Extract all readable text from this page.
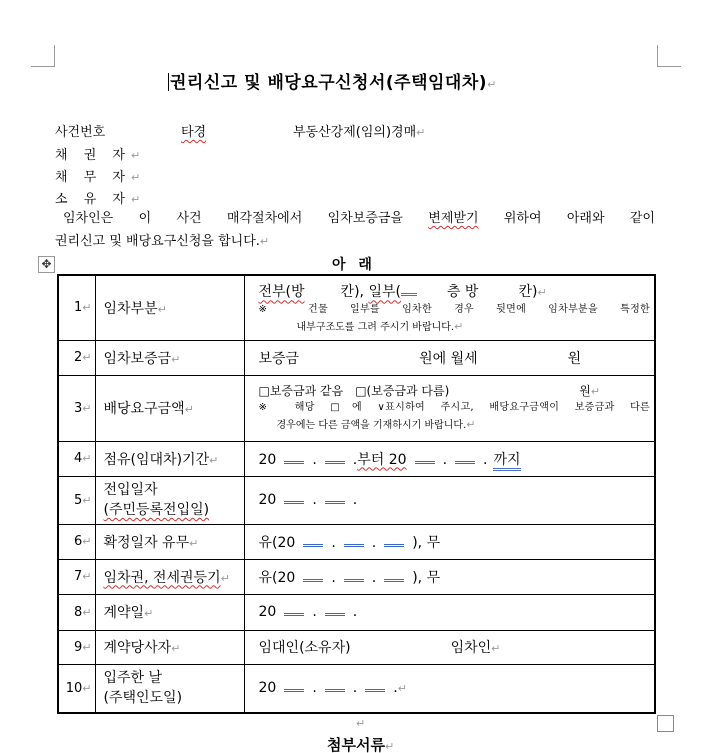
권리신고 및 배당요구신청서(주택임대차)↵
사건번호	타경	부동산강제(임의)경매↵
채 권 자↵
채 무 자↵
소 유 자↵
임차인은 이 사건 매각절차에서 임차보증금을 변제받기 위하여 아래와 같이
권리신고 및 배당요구신청을 합니다.↵
✥	아 래
1↵	임차부분↵	전부(방 칸), 일부( 층 방 칸)↵
※ 건물 일부를 임차한 경우 뒷면에 임차부분을 특정한
내부구조도를 그려 주시기 바랍니다.↵

2↵	임차보증금↵	보증금 원에 월세 원
3↵	배당요구금액↵	□보증금과 같음 □(보증금과 다름) 원↵
※ 해당 □에 ∨표시하여 주시고, 배당요구금액이 보증금과 다른
경우에는 다른 금액을 기재하시기 바랍니다.↵

4↵	점유(임대차)기간↵	20 . .부터 20 . . 까지
5↵	전입일자
(주민등록전입일)	20 . .
6↵	확정일자 유무↵	유(20 . . ), 무
7↵	임차권, 전세권등기↵	유(20 . . ), 무
8↵	계약일↵	20 . .
9↵	계약당사자↵	임대인(소유자) 임차인↵
10↵	입주한 날
(주택인도일)	20 . . .↵
↵
첨부서류↵
